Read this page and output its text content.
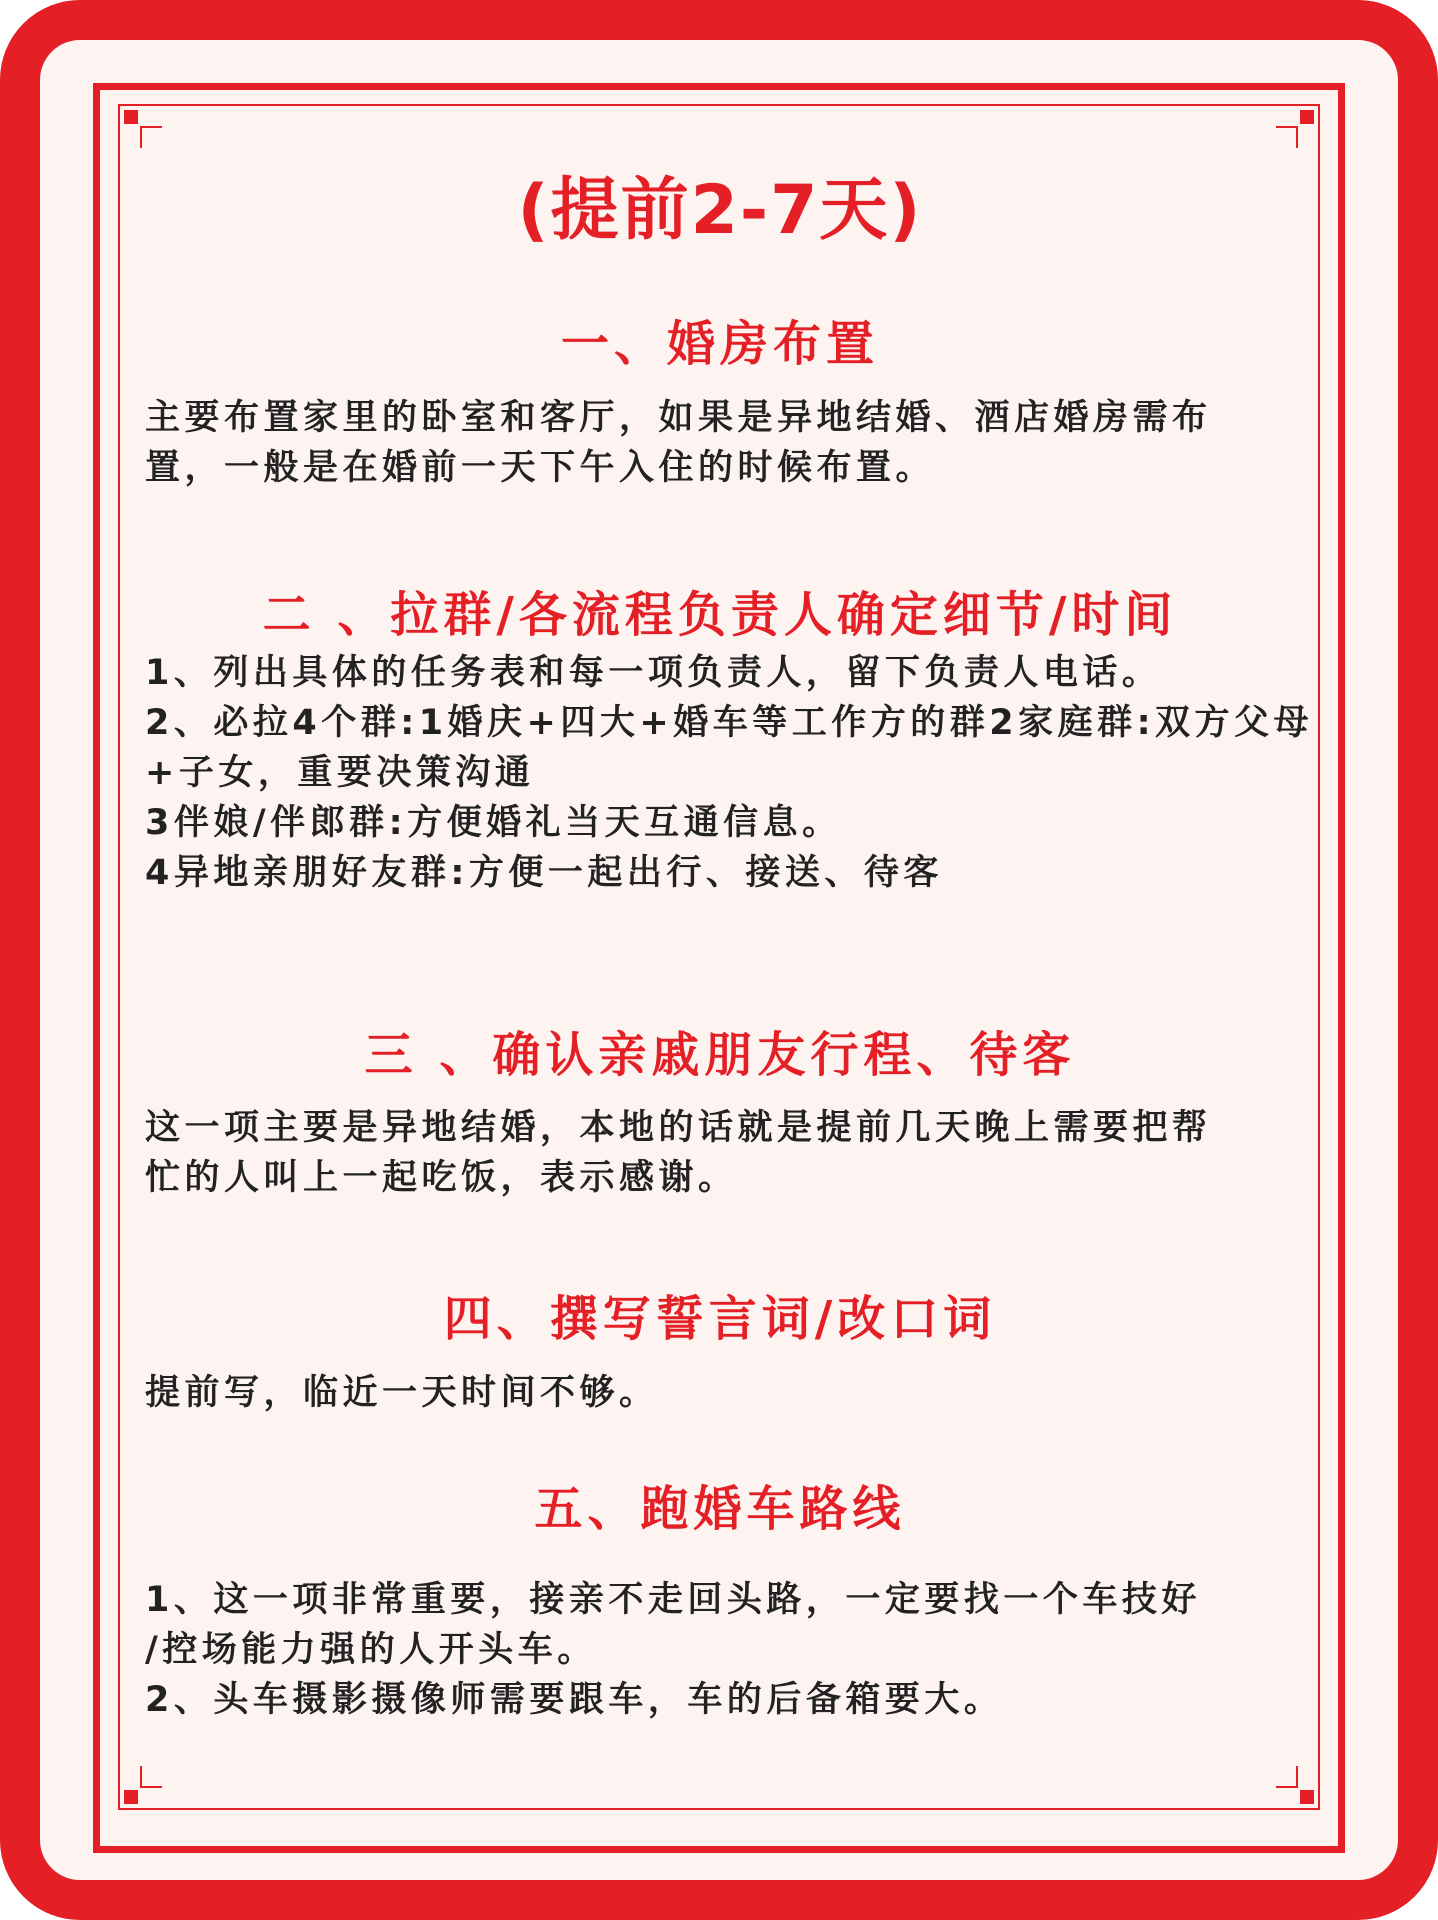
(提前2-7天)
一、婚房布置
主要布置家里的卧室和客厅，如果是异地结婚、酒店婚房需布
置，一般是在婚前一天下午入住的时候布置。
二 、拉群/各流程负责人确定细节/时间
1、列出具体的任务表和每一项负责人，留下负责人电话。
2、必拉4个群:1婚庆+四大+婚车等工作方的群2家庭群:双方父母
+子女，重要决策沟通
3伴娘/伴郎群:方便婚礼当天互通信息。
4异地亲朋好友群:方便一起出行、接送、待客
三 、确认亲戚朋友行程、待客
这一项主要是异地结婚，本地的话就是提前几天晚上需要把帮
忙的人叫上一起吃饭，表示感谢。
四、撰写誓言词/改口词
提前写，临近一天时间不够。
五、跑婚车路线
1、这一项非常重要，接亲不走回头路，一定要找一个车技好
/控场能力强的人开头车。
2、头车摄影摄像师需要跟车，车的后备箱要大。
